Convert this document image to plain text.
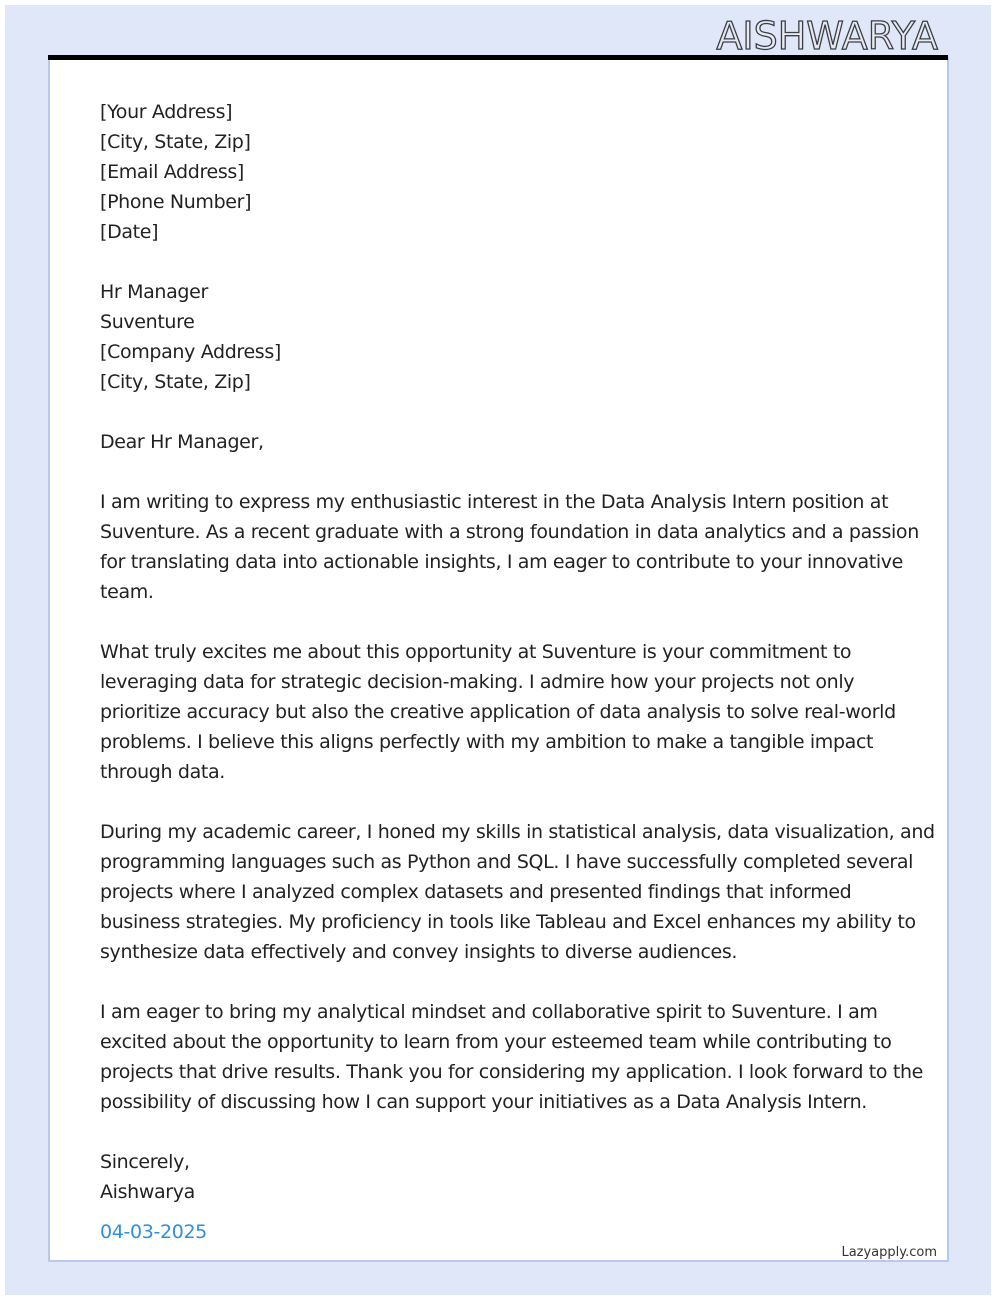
AISHWARYA
[Your Address]
[City, State, Zip]
[Email Address]
[Phone Number]
[Date]
Hr Manager
Suventure
[Company Address]
[City, State, Zip]
Dear Hr Manager,
I am writing to express my enthusiastic interest in the Data Analysis Intern position at
Suventure. As a recent graduate with a strong foundation in data analytics and a passion
for translating data into actionable insights, I am eager to contribute to your innovative
team.
What truly excites me about this opportunity at Suventure is your commitment to
leveraging data for strategic decision-making. I admire how your projects not only
prioritize accuracy but also the creative application of data analysis to solve real-world
problems. I believe this aligns perfectly with my ambition to make a tangible impact
through data.
During my academic career, I honed my skills in statistical analysis, data visualization, and
programming languages such as Python and SQL. I have successfully completed several
projects where I analyzed complex datasets and presented findings that informed
business strategies. My proficiency in tools like Tableau and Excel enhances my ability to
synthesize data effectively and convey insights to diverse audiences.
I am eager to bring my analytical mindset and collaborative spirit to Suventure. I am
excited about the opportunity to learn from your esteemed team while contributing to
projects that drive results. Thank you for considering my application. I look forward to the
possibility of discussing how I can support your initiatives as a Data Analysis Intern.
Sincerely,
Aishwarya
04-03-2025
Lazyapply.com
